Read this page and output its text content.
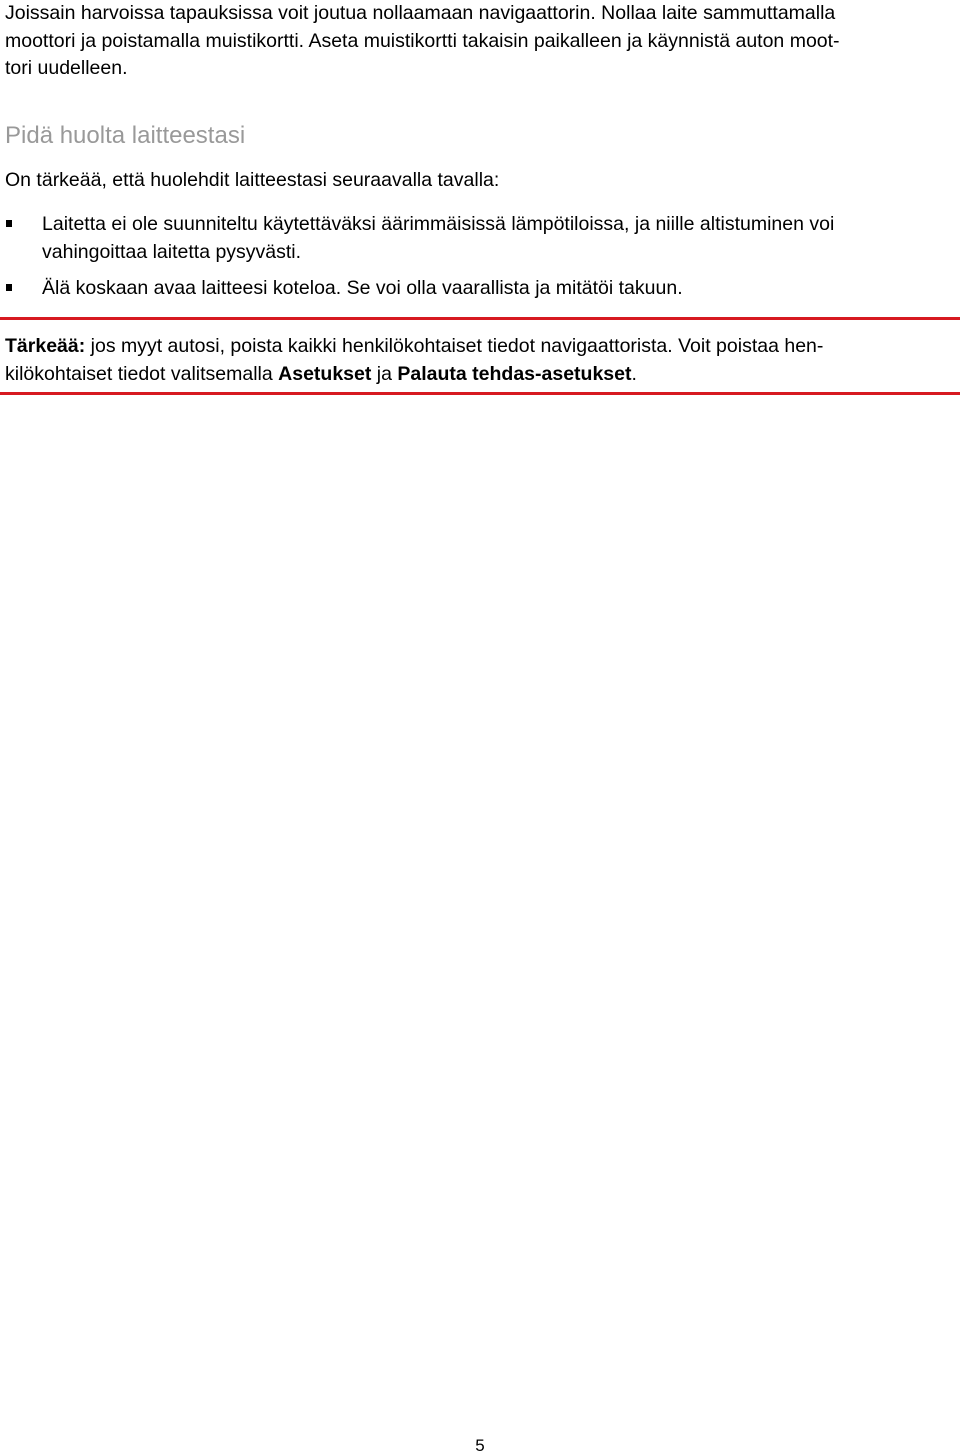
Joissain harvoissa tapauksissa voit joutua nollaamaan navigaattorin. Nollaa laite sammuttamalla
moottori ja poistamalla muistikortti. Aseta muistikortti takaisin paikalleen ja käynnistä auton moot-
tori uudelleen.

Pidä huolta laitteestasi

On tärkeää, että huolehdit laitteestasi seuraavalla tavalla:

Laitetta ei ole suunniteltu käytettäväksi äärimmäisissä lämpötiloissa, ja niille altistuminen voi
vahingoittaa laitetta pysyvästi.
Älä koskaan avaa laitteesi koteloa. Se voi olla vaarallista ja mitätöi takuun.

Tärkeää: jos myyt autosi, poista kaikki henkilökohtaiset tiedot navigaattorista. Voit poistaa hen-
kilökohtaiset tiedot valitsemalla Asetukset ja Palauta tehdas-asetukset.

5
